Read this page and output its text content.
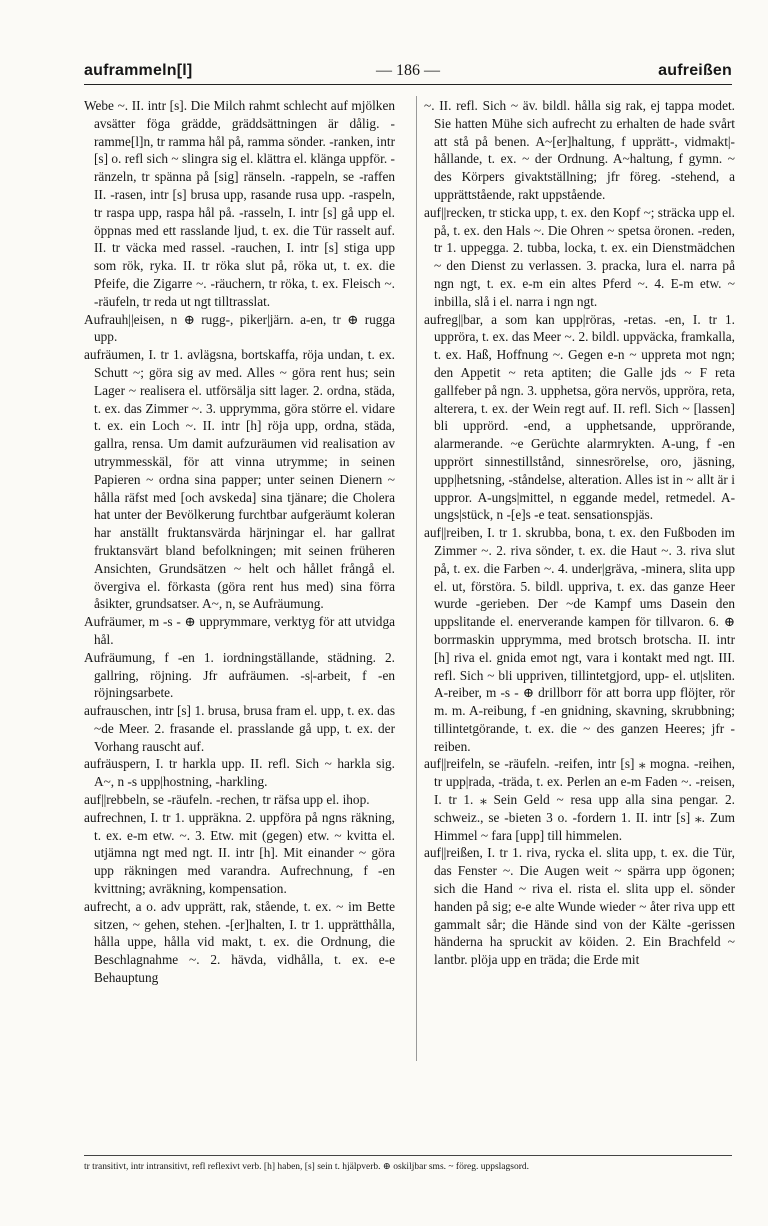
auframmeln[l]	— 186 —	aufreißen

Webe ~. II. intr [s]. Die Milch rahmt schlecht auf mjölken avsätter föga grädde, gräddsättningen är dålig. -ramme[l]n, tr ramma hål på, ramma sönder. -ranken, intr [s] o. refl sich ~ slingra sig el. klättra el. klänga uppför. -ränzeln, tr spänna på [sig] ränseln. -rappeln, se -raffen II. -rasen, intr [s] brusa upp, rasande rusa upp. -raspeln, tr raspa upp, raspa hål på. -rasseln, I. intr [s] gå upp el. öppnas med ett rasslande ljud, t. ex. die Tür rasselt auf. II. tr väcka med rassel. -rauchen, I. intr [s] stiga upp som rök, ryka. II. tr röka slut på, röka ut, t. ex. die Pfeife, die Zigarre ~. -räuchern, tr röka, t. ex. Fleisch ~. -räufeln, tr reda ut ngt tilltrasslat.

Aufrauh||eisen, n ⊕ rugg-, piker|järn. a-en, tr ⊕ rugga upp.

aufräumen, I. tr 1. avlägsna, bortskaffa, röja undan, t. ex. Schutt ~; göra sig av med. Alles ~ göra rent hus; sein Lager ~ realisera el. utförsälja sitt lager. 2. ordna, städa, t. ex. das Zimmer ~. 3. upprymma, göra större el. vidare t. ex. ein Loch ~. II. intr [h] röja upp, ordna, städa, gallra, rensa. Um damit aufzuräumen vid realisation av utrymmesskäl, för att vinna utrymme; in seinen Papieren ~ ordna sina papper; unter seinen Dienern ~ hålla räfst med [och avskeda] sina tjänare; die Cholera hat unter der Bevölkerung furchtbar aufgeräumt koleran har anställt fruktansvärda härjningar el. har gallrat fruktansvärt bland befolkningen; mit seinen früheren Ansichten, Grundsätzen ~ helt och hållet frångå el. övergiva el. förkasta (göra rent hus med) sina förra åsikter, grundsatser. A~, n, se Aufräumung.

Aufräumer, m -s - ⊕ upprymmare, verktyg för att utvidga hål.

Aufräumung, f -en 1. iordningställande, städning. 2. gallring, röjning. Jfr aufräumen. -s|-arbeit, f -en röjningsarbete.

aufrauschen, intr [s] 1. brusa, brusa fram el. upp, t. ex. das ~de Meer. 2. frasande el. prasslande gå upp, t. ex. der Vorhang rauscht auf.

aufräuspern, I. tr harkla upp. II. refl. Sich ~ harkla sig. A~, n -s upp|hostning, -harkling.

auf||rebbeln, se -räufeln. -rechen, tr räfsa upp el. ihop.

aufrechnen, I. tr 1. uppräkna. 2. uppföra på ngns räkning, t. ex. e-m etw. ~. 3. Etw. mit (gegen) etw. ~ kvitta el. utjämna ngt med ngt. II. intr [h]. Mit einander ~ göra upp räkningen med varandra. Aufrechnung, f -en kvittning; avräkning, kompensation.

aufrecht, a o. adv upprätt, rak, stående, t. ex. ~ im Bette sitzen, ~ gehen, stehen. -[er]halten, I. tr 1. upprätthålla, hålla uppe, hålla vid makt, t. ex. die Ordnung, die Beschlagnahme ~. 2. hävda, vidhålla, t. ex. e-e Behauptung

~. II. refl. Sich ~ äv. bildl. hålla sig rak, ej tappa modet. Sie hatten Mühe sich aufrecht zu erhalten de hade svårt att stå på benen. A~[er]haltung, f upprätt-, vidmakt|-hållande, t. ex. ~ der Ordnung. A~haltung, f gymn. ~ des Körpers givaktställning; jfr föreg. -stehend, a upprättstående, rakt uppstående.

auf||recken, tr sticka upp, t. ex. den Kopf ~; sträcka upp el. på, t. ex. den Hals ~. Die Ohren ~ spetsa öronen. -reden, tr 1. uppegga. 2. tubba, locka, t. ex. ein Dienstmädchen ~ den Dienst zu verlassen. 3. pracka, lura el. narra på ngn ngt, t. ex. e-m ein altes Pferd ~. 4. E-m etw. ~ inbilla, slå i el. narra i ngn ngt.

aufreg||bar, a som kan upp|röras, -retas. -en, I. tr 1. uppröra, t. ex. das Meer ~. 2. bildl. uppväcka, framkalla, t. ex. Haß, Hoffnung ~. Gegen e-n ~ uppreta mot ngn; den Appetit ~ reta aptiten; die Galle jds ~ F reta gallfeber på ngn. 3. upphetsa, göra nervös, uppröra, reta, alterera, t. ex. der Wein regt auf. II. refl. Sich ~ [lassen] bli upprörd. -end, a upphetsande, upprörande, alarmerande. ~e Gerüchte alarmrykten. A-ung, f -en upprört sinnestillstånd, sinnesrörelse, oro, jäsning, upp|hetsning, -ståndelse, alteration. Alles ist in ~ allt är i uppror. A-ungs|mittel, n eggande medel, retmedel. A-ungs|stück, n -[e]s -e teat. sensationspjäs.

auf||reiben, I. tr 1. skrubba, bona, t. ex. den Fußboden im Zimmer ~. 2. riva sönder, t. ex. die Haut ~. 3. riva slut på, t. ex. die Farben ~. 4. under|gräva, -minera, slita upp el. ut, förstöra. 5. bildl. uppriva, t. ex. das ganze Heer wurde -gerieben. Der ~de Kampf ums Dasein den uppslitande el. enerverande kampen för tillvaron. 6. ⊕ borrmaskin upprymma, med brotsch brotscha. II. intr [h] riva el. gnida emot ngt, vara i kontakt med ngt. III. refl. Sich ~ bli uppriven, tillintetgjord, upp- el. ut|sliten. A-reiber, m -s - ⊕ drillborr för att borra upp flöjter, rör m. m. A-reibung, f -en gnidning, skavning, skrubbning; tillintetgörande, t. ex. die ~ des ganzen Heeres; jfr -reiben.

auf||reifeln, se -räufeln. -reifen, intr [s] ⁎ mogna. -reihen, tr upp|rada, -träda, t. ex. Perlen an e-m Faden ~. -reisen, I. tr 1. ⁎ Sein Geld ~ resa upp alla sina pengar. 2. schweiz., se -bieten 3 o. -fordern 1. II. intr [s] ⁎. Zum Himmel ~ fara [upp] till himmelen.

auf||reißen, I. tr 1. riva, rycka el. slita upp, t. ex. die Tür, das Fenster ~. Die Augen weit ~ spärra upp ögonen; sich die Hand ~ riva el. rista el. slita upp el. sönder handen på sig; e-e alte Wunde wieder ~ åter riva upp ett gammalt sår; die Hände sind von der Kälte -gerissen händerna ha spruckit av köiden. 2. Ein Brachfeld ~ lantbr. plöja upp en träda; die Erde mit

tr transitivt, intr intransitivt, refl reflexivt verb. [h] haben, [s] sein t. hjälpverb. ⊕ oskiljbar sms. ~ föreg. uppslagsord.
